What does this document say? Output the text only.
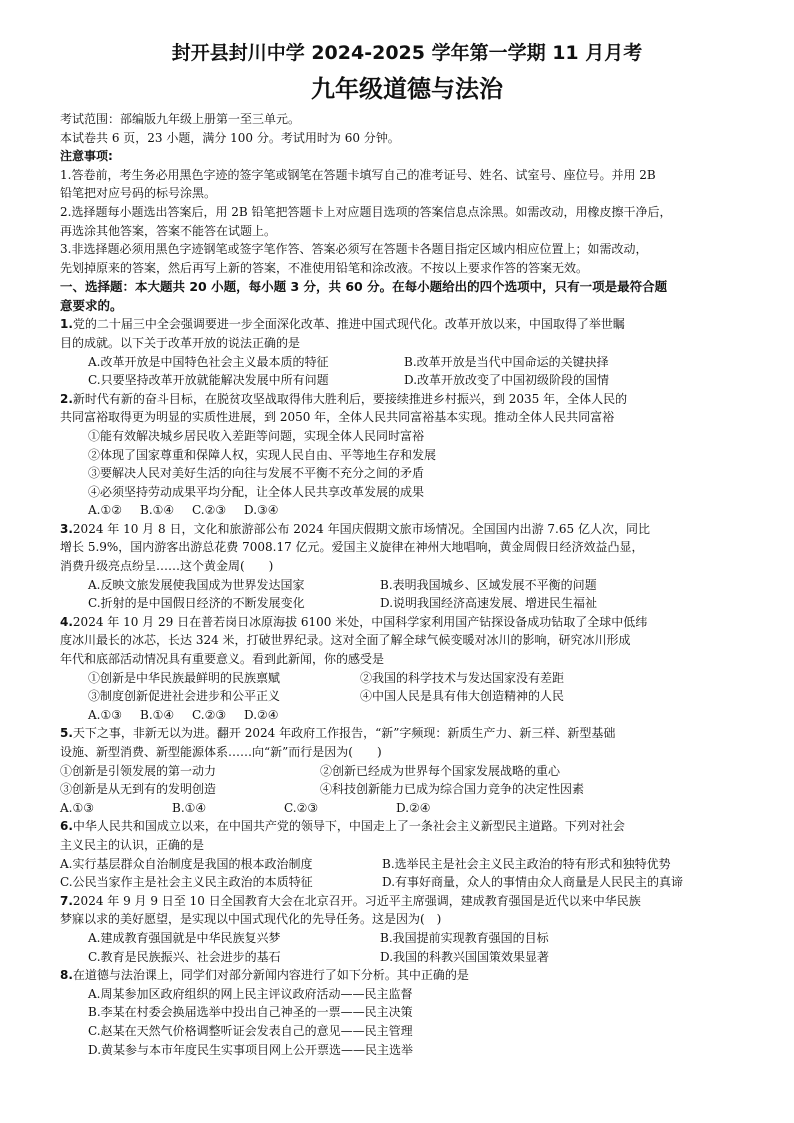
封开县封川中学 2024-2025 学年第一学期 11 月月考
九年级道德与法治
考试范围：部编版九年级上册第一至三单元。
本试卷共 6 页，23 小题，满分 100 分。考试用时为 60 分钟。
注意事项:
1.答卷前，考生务必用黑色字迹的签字笔或钢笔在答题卡填写自己的准考证号、姓名、试室号、座位号。并用 2B
铅笔把对应号码的标号涂黑。
2.选择题每小题选出答案后，用 2B 铅笔把答题卡上对应题目选项的答案信息点涂黑。如需改动，用橡皮擦干净后，
再选涂其他答案，答案不能答在试题上。
3.非选择题必须用黑色字迹钢笔或签字笔作答、答案必须写在答题卡各题目指定区域内相应位置上；如需改动，
先划掉原来的答案，然后再写上新的答案，不准使用铅笔和涂改液。不按以上要求作答的答案无效。
一、选择题：本大题共 20 小题，每小题 3 分，共 60 分。在每小题给出的四个选项中，只有一项是最符合题
意要求的。
1.党的二十届三中全会强调要进一步全面深化改革、推进中国式现代化。改革开放以来，中国取得了举世瞩
目的成就。以下关于改革开放的说法正确的是
A.改革开放是中国特色社会主义最本质的特征	B.改革开放是当代中国命运的关键抉择
C.只要坚持改革开放就能解决发展中所有问题	D.改革开放改变了中国初级阶段的国情
2.新时代有新的奋斗目标，在脱贫攻坚战取得伟大胜利后，要接续推进乡村振兴，到 2035 年，全体人民的
共同富裕取得更为明显的实质性进展，到 2050 年，全体人民共同富裕基本实现。推动全体人民共同富裕
①能有效解决城乡居民收入差距等问题，实现全体人民同时富裕
②体现了国家尊重和保障人权，实现人民自由、平等地生存和发展
③要解决人民对美好生活的向往与发展不平衡不充分之间的矛盾
④必须坚持劳动成果平均分配，让全体人民共享改革发展的成果
A.①②	B.①④	C.②③	D.③④
3.2024 年 10 月 8 日，文化和旅游部公布 2024 年国庆假期文旅市场情况。全国国内出游 7.65 亿人次，同比
增长 5.9%，国内游客出游总花费 7008.17 亿元。爱国主义旋律在神州大地唱响，黄金周假日经济效益凸显，
消费升级亮点纷呈……这个黄金周(　　)
A.反映文旅发展使我国成为世界发达国家	B.表明我国城乡、区域发展不平衡的问题
C.折射的是中国假日经济的不断发展变化	D.说明我国经济高速发展、增进民生福祉
4.2024 年 10 月 29 日在普若岗日冰原海拔 6100 米处，中国科学家利用国产钻探设备成功钻取了全球中低纬
度冰川最长的冰芯，长达 324 米，打破世界纪录。这对全面了解全球气候变暖对冰川的影响，研究冰川形成
年代和底部活动情况具有重要意义。看到此新闻，你的感受是
①创新是中华民族最鲜明的民族禀赋	②我国的科学技术与发达国家没有差距
③制度创新促进社会进步和公平正义	④中国人民是具有伟大创造精神的人民
A.①③	B.①④	C.②③	D.②④
5.天下之事，非新无以为进。翻开 2024 年政府工作报告，“新”字频现：新质生产力、新三样、新型基础
设施、新型消费、新型能源体系……向“新”而行是因为(　　)
①创新是引领发展的第一动力	②创新已经成为世界每个国家发展战略的重心
③创新是从无到有的发明创造	④科技创新能力已成为综合国力竞争的决定性因素
A.①③	B.①④	C.②③	D.②④
6.中华人民共和国成立以来，在中国共产党的领导下，中国走上了一条社会主义新型民主道路。下列对社会
主义民主的认识，正确的是
A.实行基层群众自治制度是我国的根本政治制度	B.选举民主是社会主义民主政治的特有形式和独特优势
C.公民当家作主是社会主义民主政治的本质特征	D.有事好商量，众人的事情由众人商量是人民民主的真谛
7.2024 年 9 月 9 日至 10 日全国教育大会在北京召开。习近平主席强调，建成教育强国是近代以来中华民族
梦寐以求的美好愿望，是实现以中国式现代化的先导任务。这是因为(　)
A.建成教育强国就是中华民族复兴梦	B.我国提前实现教育强国的目标
C.教育是民族振兴、社会进步的基石	D.我国的科教兴国国策效果显著
8.在道德与法治课上，同学们对部分新闻内容进行了如下分析。其中正确的是
A.周某参加区政府组织的网上民主评议政府活动——民主监督
B.李某在村委会换届选举中投出自己神圣的一票——民主决策
C.赵某在天然气价格调整听证会发表自己的意见——民主管理
D.黄某参与本市年度民生实事项目网上公开票选——民主选举
